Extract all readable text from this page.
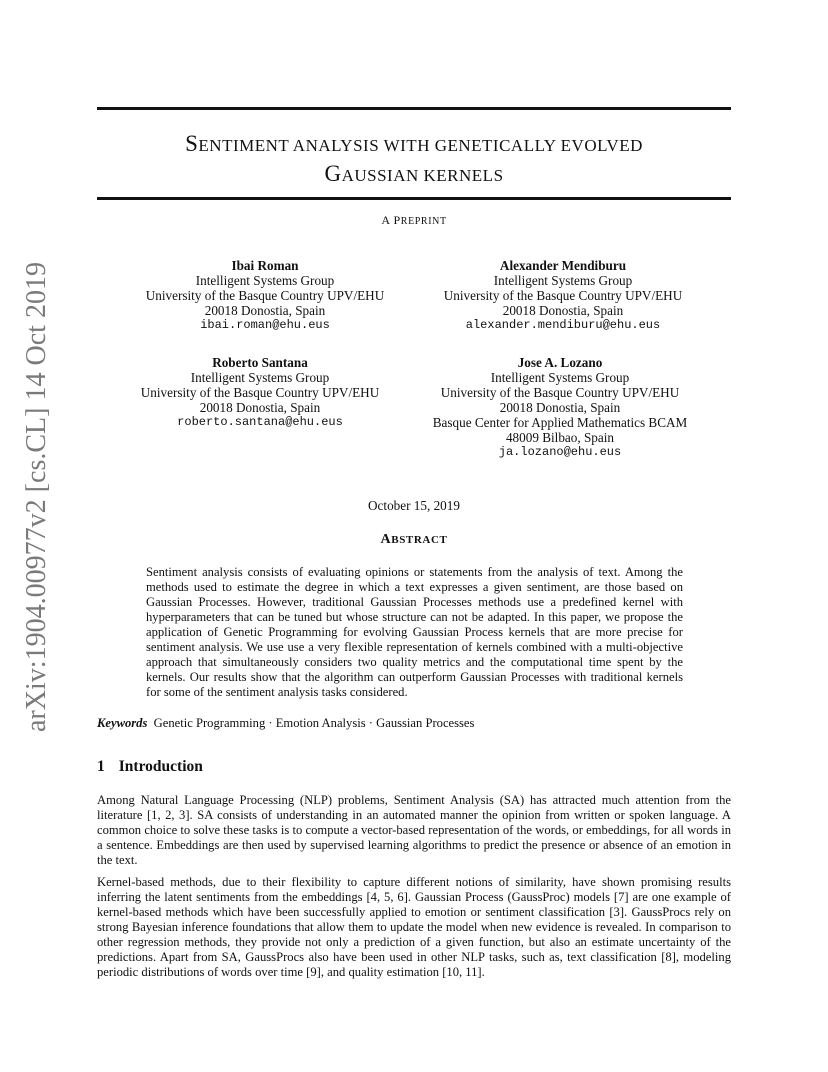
arXiv:1904.00977v2 [cs.CL] 14 Oct 2019
SENTIMENT ANALYSIS WITH GENETICALLY EVOLVED
GAUSSIAN KERNELS
A PREPRINT
Ibai Roman
Intelligent Systems Group
University of the Basque Country UPV/EHU
20018 Donostia, Spain
ibai.roman@ehu.eus
Alexander Mendiburu
Intelligent Systems Group
University of the Basque Country UPV/EHU
20018 Donostia, Spain
alexander.mendiburu@ehu.eus
Roberto Santana
Intelligent Systems Group
University of the Basque Country UPV/EHU
20018 Donostia, Spain
roberto.santana@ehu.eus
Jose A. Lozano
Intelligent Systems Group
University of the Basque Country UPV/EHU
20018 Donostia, Spain
Basque Center for Applied Mathematics BCAM
48009 Bilbao, Spain
ja.lozano@ehu.eus
October 15, 2019
ABSTRACT
Sentiment analysis consists of evaluating opinions or statements from the analysis of text. Among the methods used to estimate the degree in which a text expresses a given sentiment, are those based on Gaussian Processes. However, traditional Gaussian Processes methods use a predefined kernel with hyperparameters that can be tuned but whose structure can not be adapted. In this paper, we propose the application of Genetic Programming for evolving Gaussian Process kernels that are more precise for sentiment analysis. We use use a very flexible representation of kernels combined with a multi-objective approach that simultaneously considers two quality metrics and the computational time spent by the kernels. Our results show that the algorithm can outperform Gaussian Processes with traditional kernels for some of the sentiment analysis tasks considered.
Keywords Genetic Programming · Emotion Analysis · Gaussian Processes
1 Introduction
Among Natural Language Processing (NLP) problems, Sentiment Analysis (SA) has attracted much attention from the literature [1, 2, 3]. SA consists of understanding in an automated manner the opinion from written or spoken language. A common choice to solve these tasks is to compute a vector-based representation of the words, or embeddings, for all words in a sentence. Embeddings are then used by supervised learning algorithms to predict the presence or absence of an emotion in the text.
Kernel-based methods, due to their flexibility to capture different notions of similarity, have shown promising results inferring the latent sentiments from the embeddings [4, 5, 6]. Gaussian Process (GaussProc) models [7] are one example of kernel-based methods which have been successfully applied to emotion or sentiment classification [3]. GaussProcs rely on strong Bayesian inference foundations that allow them to update the model when new evidence is revealed. In comparison to other regression methods, they provide not only a prediction of a given function, but also an estimate uncertainty of the predictions. Apart from SA, GaussProcs also have been used in other NLP tasks, such as, text classification [8], modeling periodic distributions of words over time [9], and quality estimation [10, 11].
